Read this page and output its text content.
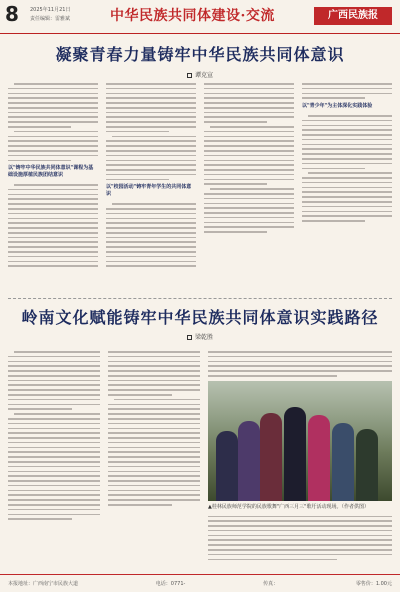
8 2025年11月21日
责任编辑：雷雅斌	中华民族共同体建设·交流	广西民族报
凝聚青春力量铸牢中华民族共同体意识
谭克宣
以"铸牢中华民族共同体意识"课程为基础设施厚植民族团结意识
以"校园活动"铸牢青年学生的共同体意识
以"青少年"为主体深化实践体验
岭南文化赋能铸牢中华民族共同体意识实践路径
梁乾胜
▲桂林民族师范学院的民族歌舞"广西三月三"歌圩活动现场。（作者供图）
本报地址：广西南宁市民族大道	电话：0771-	传真：	零售价：1.00元
